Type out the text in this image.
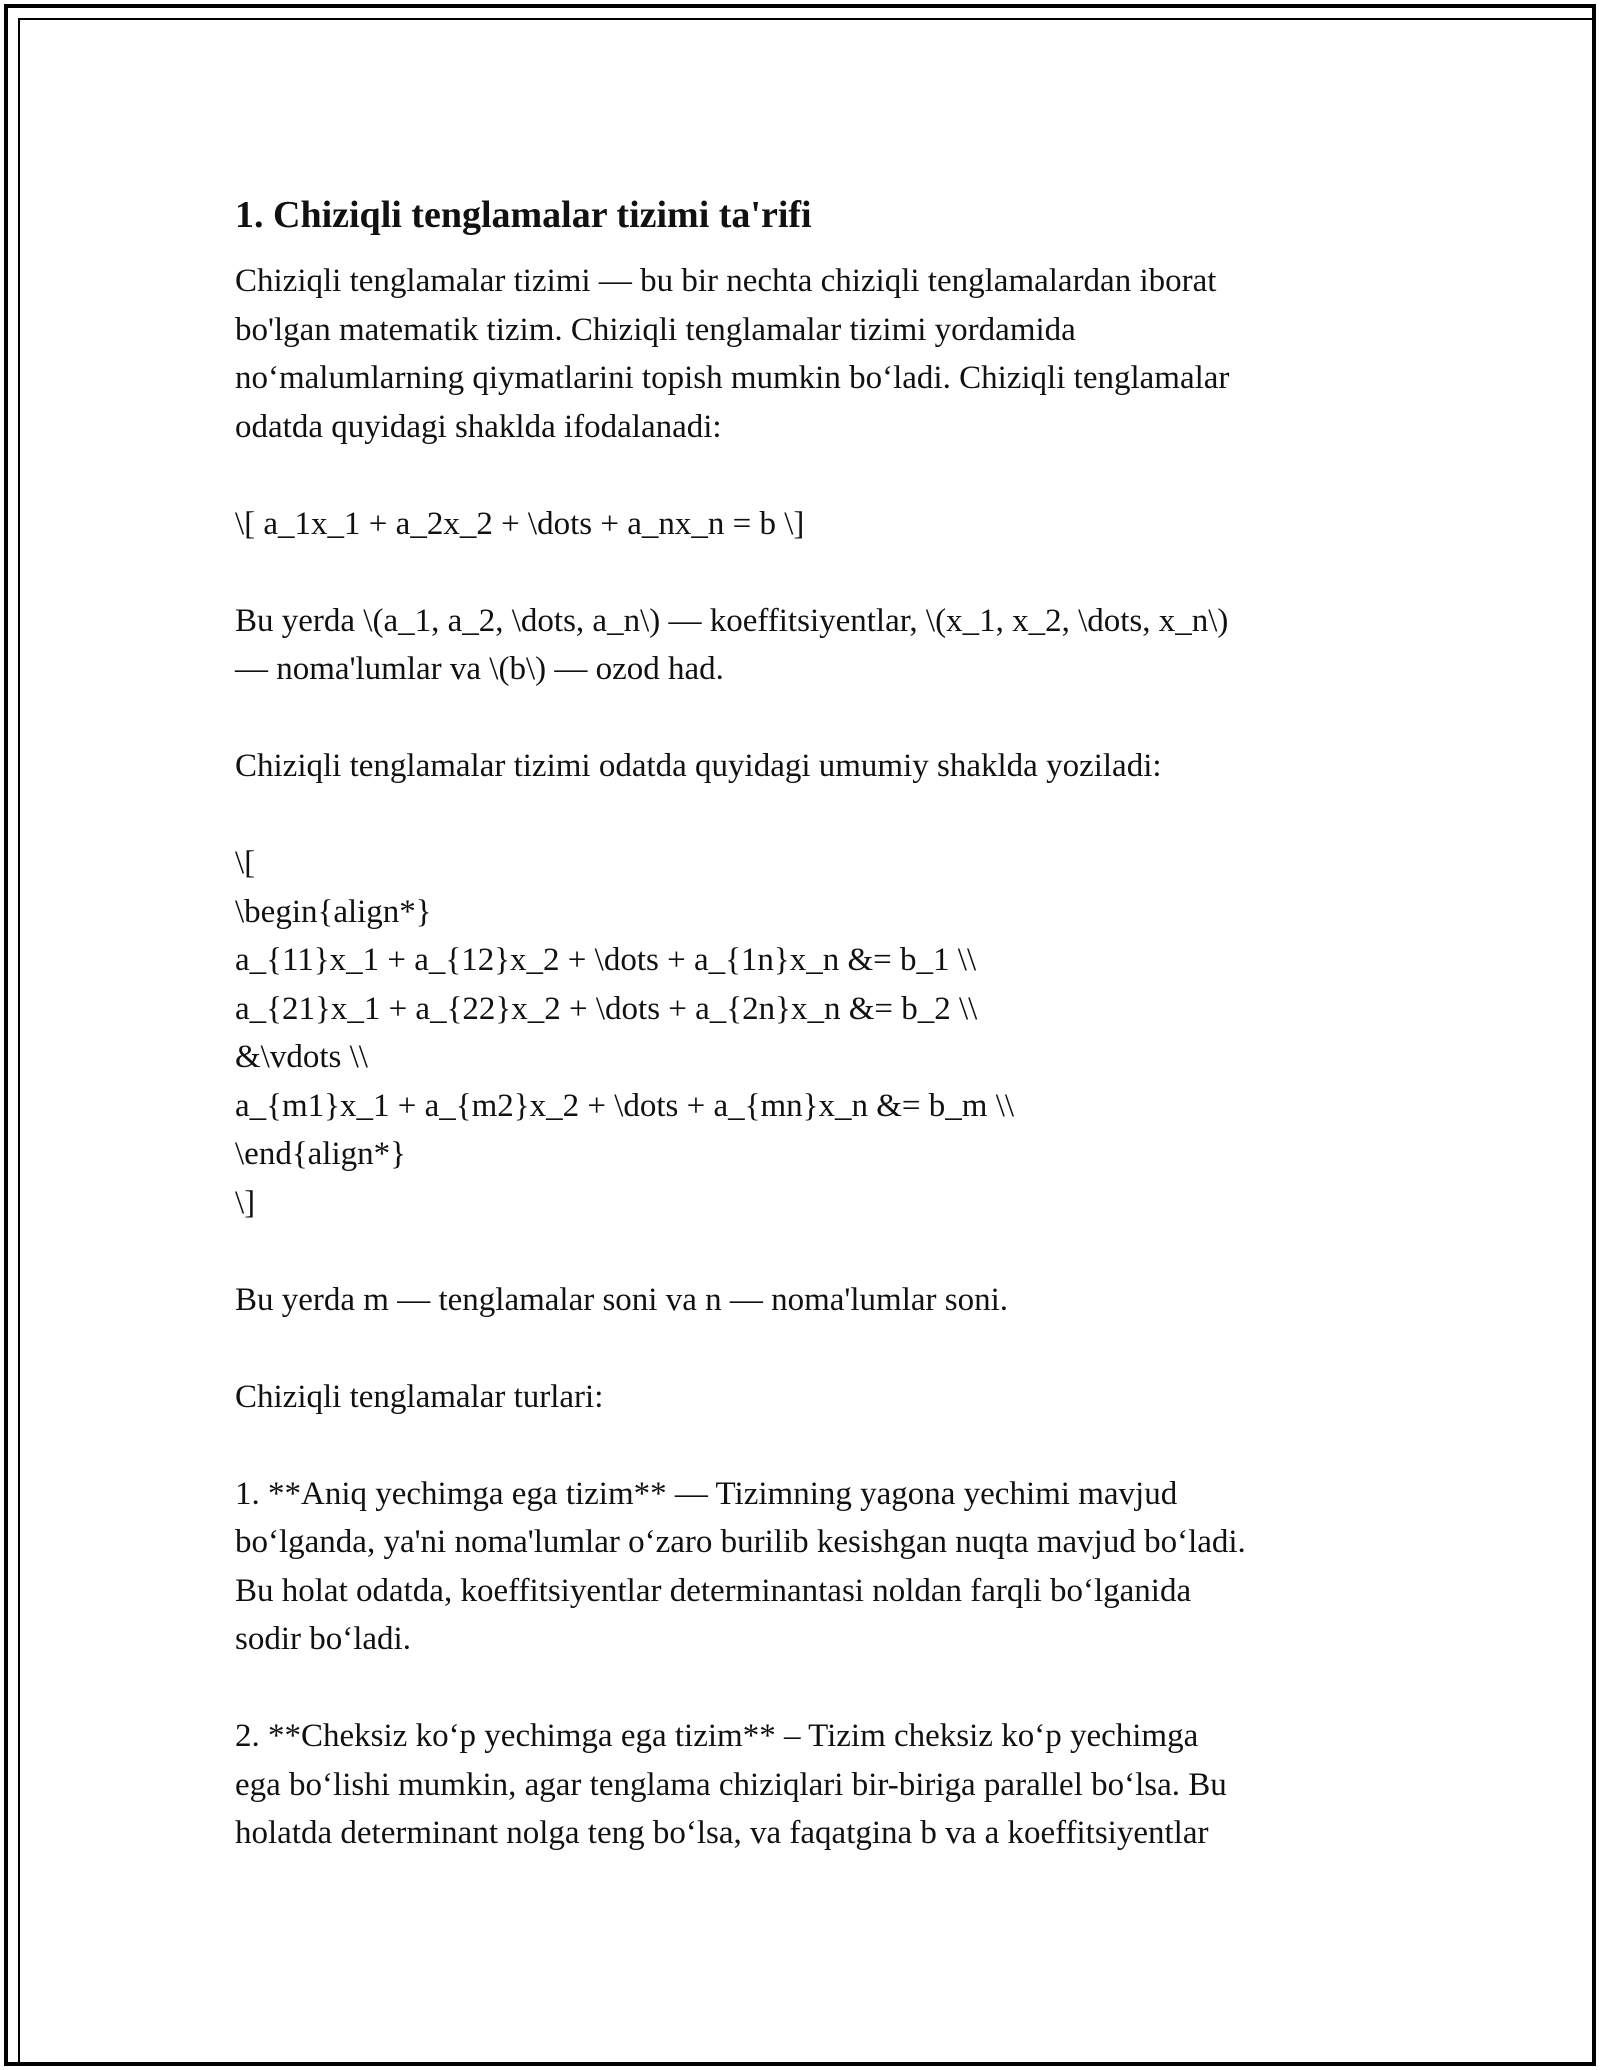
1. Chiziqli tenglamalar tizimi ta'rifi

Chiziqli tenglamalar tizimi — bu bir nechta chiziqli tenglamalardan iborat
bo'lgan matematik tizim. Chiziqli tenglamalar tizimi yordamida
no‘malumlarning qiymatlarini topish mumkin bo‘ladi. Chiziqli tenglamalar
odatda quyidagi shaklda ifodalanadi:

\[ a_1x_1 + a_2x_2 + \dots + a_nx_n = b \]

Bu yerda \(a_1, a_2, \dots, a_n\) — koeffitsiyentlar, \(x_1, x_2, \dots, x_n\)
— noma'lumlar va \(b\) — ozod had.

Chiziqli tenglamalar tizimi odatda quyidagi umumiy shaklda yoziladi:

\[
\begin{align*}
a_{11}x_1 + a_{12}x_2 + \dots + a_{1n}x_n &= b_1 \\
a_{21}x_1 + a_{22}x_2 + \dots + a_{2n}x_n &= b_2 \\
&\vdots \\
a_{m1}x_1 + a_{m2}x_2 + \dots + a_{mn}x_n &= b_m \\
\end{align*}
\]

Bu yerda m — tenglamalar soni va n — noma'lumlar soni.

Chiziqli tenglamalar turlari:

1. **Aniq yechimga ega tizim** — Tizimning yagona yechimi mavjud
bo‘lganda, ya'ni noma'lumlar o‘zaro burilib kesishgan nuqta mavjud bo‘ladi.
Bu holat odatda, koeffitsiyentlar determinantasi noldan farqli bo‘lganida
sodir bo‘ladi.

2. **Cheksiz ko‘p yechimga ega tizim** – Tizim cheksiz ko‘p yechimga
ega bo‘lishi mumkin, agar tenglama chiziqlari bir-biriga parallel bo‘lsa. Bu
holatda determinant nolga teng bo‘lsa, va faqatgina b va a koeffitsiyentlar
